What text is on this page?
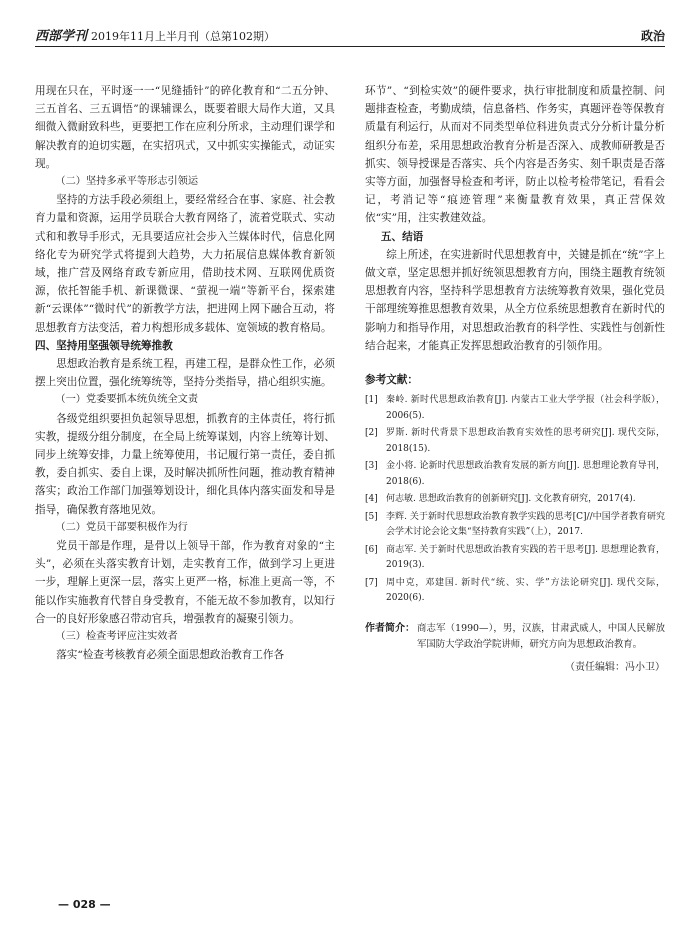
西部学刊 2019年11月上半月刊（总第102期）	政治
用现在只在，平时逐一一“见缝插针”的碎化教育和“二五分钟、三五首名、三五调悟”的课辅课么，既要着眼大局作大道，又具细微入微耐致科些，更要把工作在应利分所求，主动理们课学和解决教育的迫切实题，在实招巩式，又中抓实实操能式，动证实现。
（二）坚持多承平等形志引领运
坚持的方法手段必须组上，要经常经合在事、家庭、社会教育力量和资源，运用学员联合大教育网络了，流着党联式、实动式和和教导手形式，无具要适应社会步入兰媒体时代，信息化网络化专为研究学式将提到大趋势，大力拓展信息媒体教育新领域，推广营及网络育政专新应用，借助技术网、互联网优质资源，依托智能手机、新课微课、“萤视一端”等新平台，探索建新“云课体”“微时代”的新教学方法，把进网上网下融合互动，将思想教育方法变活，着力构想形成多载体、宽领域的教育格局。
四、坚持用坚强领导统筹推教
思想政治教育是系统工程，再建工程，是群众性工作，必须摆上突出位置，强化统筹统等，坚持分类指导，措心组织实施。
（一）党委要抓本统负统全文责
各级党组织要担负起领导思想，抓教育的主体责任，将行抓实教，提级分组分制度，在全局上统筹谋划，内容上统筹计划、同步上统筹安排，力量上统筹使用，书记履行第一责任，委自抓教，委自抓实、委自上课，及时解决抓所性问题，推动教育精神落实；政治工作部门加强筹划设计，细化具体内落实面发和导是指导，确保教育落地见效。
（二）党员干部要积极作为行
党员干部是作理，是骨以上领导干部，作为教育对象的“主头”，必须在头落实教育计划，走实教育工作，做到学习上更进一步，理解上更深一层，落实上更严一格，标准上更高一等，不能以作实施教育代替自身受教育，不能无故不参加教育，以知行合一的良好形象感召带动官兵，增强教育的凝聚引领力。
（三）检查考评应注实效者
落实“检查考核教育必须全面思想政治教育工作各
环节”、“到检实效”的硬件要求，执行审批制度和质量控制、问题排查检查，考勤成绩，信息备档、作务实，真题评卷等保教育质量有利运行，从而对不同类型单位科进负责式分分析计量分析组织分布差，采用思想政治教育分析是否深入、成教师研教是否抓实、领导授课是否落实、兵个内容是否务实、刻千职责是否落实等方面，加强督导检查和考评，防止以检考检带笔记，看看会记，考消记等“痕迹管理”来衡量教育效果，真正营保效依“实”用，注实教建效益。
五、结语
综上所述，在实进新时代思想教育中，关键是抓在“统”字上做文章，坚定思想并抓好统领思想教育方向，围绕主题教育统领思想教育内容，坚持科学思想教育方法统筹教育效果，强化党员干部理统筹推思想教育效果，从全方位系统思想教育在新时代的影响力和指导作用，对思想政治教育的科学性、实践性与创新性结合起来，才能真正发挥思想政治教育的引领作用。
参考文献：
[1] 秦岭. 新时代思想政治教育[J]. 内蒙古工业大学学报（社会科学版），2006(5).
[2] 罗斯. 新时代背景下思想政治教育实效性的思考研究[J]. 现代交际，2018(15).
[3] 金小将. 论新时代思想政治教育发展的新方向[J]. 思想理论教育导刊，2018(6).
[4] 何志敏. 思想政治教育的创新研究[J]. 文化教育研究，2017(4).
[5] 李辉. 关于新时代思想政治教育教学实践的思考[C]//中国学者教育研究会学术讨论会论文集“坚持教育实践”（上），2017.
[6] 商志军. 关于新时代思想政治教育实践的若干思考[J]. 思想理论教育，2019(3).
[7] 周中克，邓建国. 新时代“统、实、学”方法论研究[J]. 现代交际，2020(6).
作者简介： 商志军（1990—），男，汉族，甘肃武威人，中国人民解放军国防大学政治学院讲师，研究方向为思想政治教育。
（责任编辑：冯小卫）
— 028 —
